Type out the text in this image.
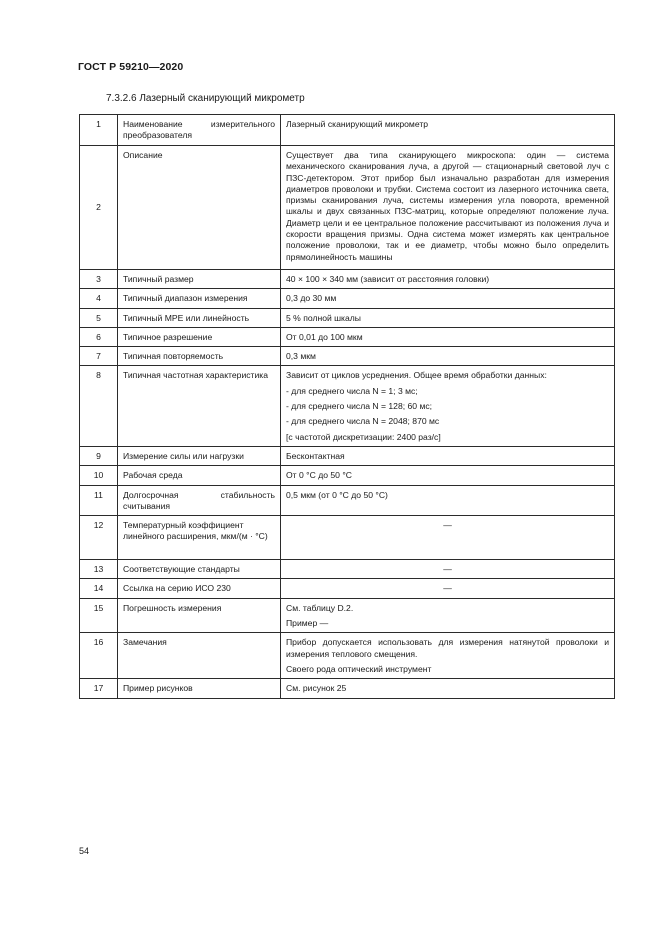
ГОСТ Р 59210—2020
7.3.2.6 Лазерный сканирующий микрометр
1	Наименование измерительного преобразователя	Лазерный сканирующий микрометр
2	Описание	Существует два типа сканирующего микроскопа: один — система механического сканирования луча, а другой — стационарный световой луч с ПЗС-детектором. Этот прибор был изначально разработан для измерения диаметров проволоки и трубки. Система состоит из лазерного источника света, призмы сканирования луча, системы измерения угла поворота, временной шкалы и двух связанных ПЗС-матриц, которые определяют положение луча. Диаметр цели и ее центральное положение рассчитывают из положения луча и скорости вращения призмы. Одна система может измерять как центральное положение проволоки, так и ее диаметр, чтобы можно было определить прямолинейность машины
3	Типичный размер	40 × 100 × 340 мм (зависит от расстояния головки)
4	Типичный диапазон измерения	0,3 до 30 мм
5	Типичный MPE или линейность	5 % полной шкалы
6	Типичное разрешение	От 0,01 до 100 мкм
7	Типичная повторяемость	0,3 мкм
8	Типичная частотная характеристика	Зависит от циклов усреднения. Общее время обработки данных:
- для среднего числа N = 1; 3 мс;
- для среднего числа N = 128; 60 мс;
- для среднего числа N = 2048; 870 мс
[с частотой дискретизации: 2400 раз/с]

9	Измерение силы или нагрузки	Бесконтактная
10	Рабочая среда	От 0 °С до 50 °С
11	Долгосрочная стабильность считывания	0,5 мкм (от 0 °С до 50 °С)
12	Температурный коэффициент линейного расширения, мкм/(м · °С)	—
13	Соответствующие стандарты	—
14	Ссылка на серию ИСО 230	—
15	Погрешность измерения	См. таблицу D.2.
Пример —

16	Замечания	Прибор допускается использовать для измерения натянутой проволоки и измерения теплового смещения.
Своего рода оптический инструмент

17	Пример рисунков	См. рисунок 25
54
